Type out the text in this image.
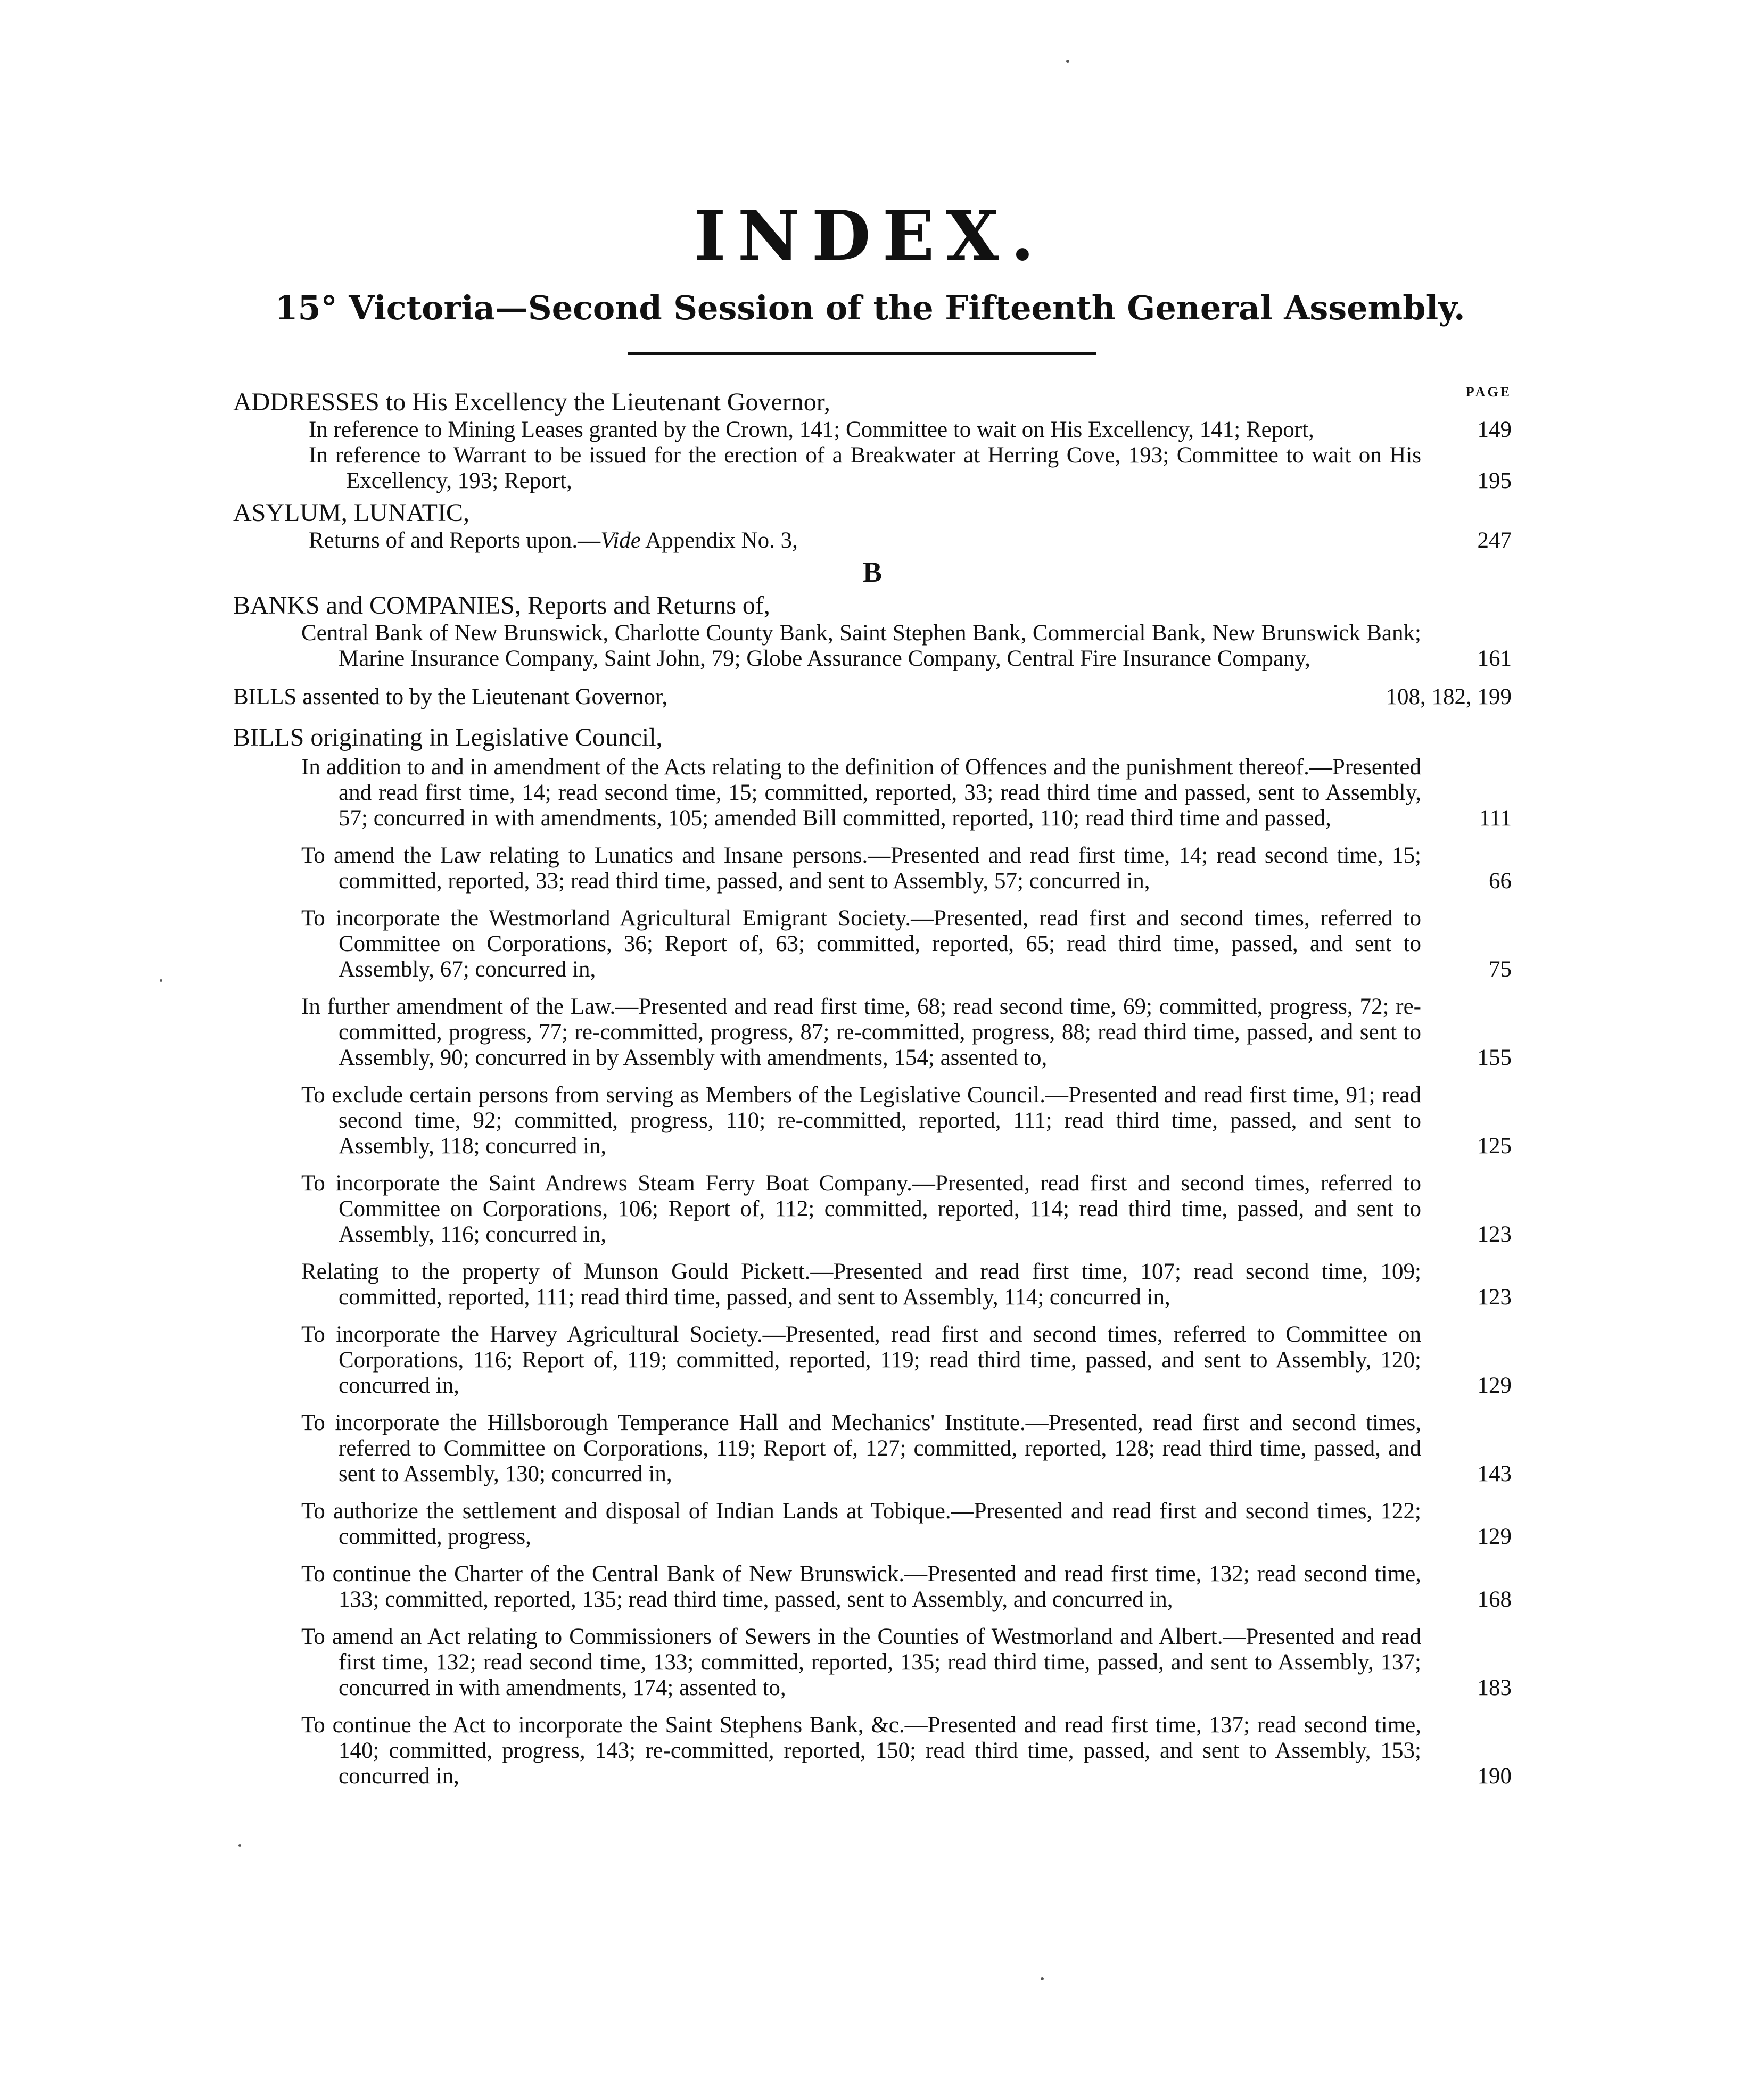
INDEX.
15° Victoria—Second Session of the Fifteenth General Assembly.
PAGE
ADDRESSES to His Excellency the Lieutenant Governor,
In reference to Mining Leases granted by the Crown, 141; Committee to wait on His Excellency, 141; Report,	149
In reference to Warrant to be issued for the erection of a Breakwater at Herring Cove, 193; Committee to wait on His Excellency, 193; Report,	195
ASYLUM, LUNATIC,
Returns of and Reports upon.—Vide Appendix No. 3,	247
B
BANKS and COMPANIES, Reports and Returns of,
Central Bank of New Brunswick, Charlotte County Bank, Saint Stephen Bank, Commercial Bank, New Brunswick Bank; Marine Insurance Company, Saint John, 79; Globe Assurance Company, Central Fire Insurance Company,	161
BILLS assented to by the Lieutenant Governor,	108, 182, 199
BILLS originating in Legislative Council,
In addition to and in amendment of the Acts relating to the definition of Offences and the punishment thereof.—Presented and read first time, 14; read second time, 15; committed, reported, 33; read third time and passed, sent to Assembly, 57; concurred in with amendments, 105; amended Bill committed, reported, 110; read third time and passed,	111
To amend the Law relating to Lunatics and Insane persons.—Presented and read first time, 14; read second time, 15; committed, reported, 33; read third time, passed, and sent to Assembly, 57; concurred in,	66
To incorporate the Westmorland Agricultural Emigrant Society.—Presented, read first and second times, referred to Committee on Corporations, 36; Report of, 63; committed, reported, 65; read third time, passed, and sent to Assembly, 67; concurred in,	75
In further amendment of the Law.—Presented and read first time, 68; read second time, 69; committed, progress, 72; re-committed, progress, 77; re-committed, progress, 87; re-committed, progress, 88; read third time, passed, and sent to Assembly, 90; concurred in by Assembly with amendments, 154; assented to,	155
To exclude certain persons from serving as Members of the Legislative Council.—Presented and read first time, 91; read second time, 92; committed, progress, 110; re-committed, reported, 111; read third time, passed, and sent to Assembly, 118; concurred in,	125
To incorporate the Saint Andrews Steam Ferry Boat Company.—Presented, read first and second times, referred to Committee on Corporations, 106; Report of, 112; committed, reported, 114; read third time, passed, and sent to Assembly, 116; concurred in,	123
Relating to the property of Munson Gould Pickett.—Presented and read first time, 107; read second time, 109; committed, reported, 111; read third time, passed, and sent to Assembly, 114; concurred in,	123
To incorporate the Harvey Agricultural Society.—Presented, read first and second times, referred to Committee on Corporations, 116; Report of, 119; committed, reported, 119; read third time, passed, and sent to Assembly, 120; concurred in,	129
To incorporate the Hillsborough Temperance Hall and Mechanics' Institute.—Presented, read first and second times, referred to Committee on Corporations, 119; Report of, 127; committed, reported, 128; read third time, passed, and sent to Assembly, 130; concurred in,	143
To authorize the settlement and disposal of Indian Lands at Tobique.—Presented and read first and second times, 122; committed, progress,	129
To continue the Charter of the Central Bank of New Brunswick.—Presented and read first time, 132; read second time, 133; committed, reported, 135; read third time, passed, sent to Assembly, and concurred in,	168
To amend an Act relating to Commissioners of Sewers in the Counties of Westmorland and Albert.—Presented and read first time, 132; read second time, 133; committed, reported, 135; read third time, passed, and sent to Assembly, 137; concurred in with amendments, 174; assented to,	183
To continue the Act to incorporate the Saint Stephens Bank, &c.—Presented and read first time, 137; read second time, 140; committed, progress, 143; re-committed, reported, 150; read third time, passed, and sent to Assembly, 153; concurred in,	190
